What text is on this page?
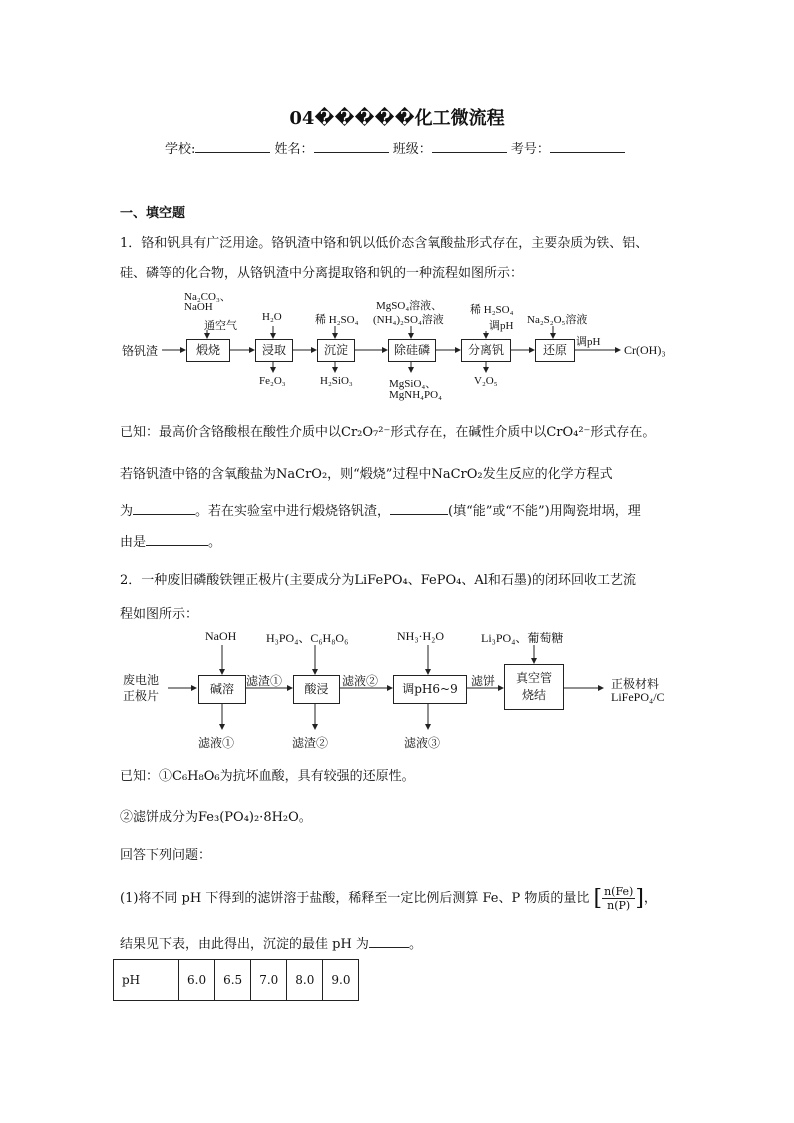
04�����化工微流程
学校:	姓名：	班级：	考号：
一、填空题
1．铬和钒具有广泛用途。铬钒渣中铬和钒以低价态含氧酸盐形式存在，主要杂质为铁、铝、
硅、磷等的化合物，从铬钒渣中分离提取铬和钒的一种流程如图所示：
铬钒渣	煅烧	浸取	沉淀	除硅磷	分离钒	还原	Cr(OH)₃
Na₂CO₃、
NaOH
通空气
H₂O	稀 H₂SO₄
MgSO₄溶液、
(NH₄)₂SO₄溶液
稀 H₂SO₄
调pH Na₂S₂O₅溶液
调pH
Fe₂O₃	H₂SiO₃	MgSiO₄、
MgNH₄PO₄
V₂O₅
已知：最高价含铬酸根在酸性介质中以Cr₂O₇²⁻形式存在，在碱性介质中以CrO₄²⁻形式存在。
若铬钒渣中铬的含氧酸盐为NaCrO₂，则“煅烧”过程中NaCrO₂发生反应的化学方程式
为	。若在实验室中进行煅烧铬钒渣，	(填“能”或“不能”)用陶瓷坩埚，理
由是	。
2．一种废旧磷酸铁锂正极片(主要成分为LiFePO₄、FePO₄、Al和石墨)的闭环回收工艺流
程如图所示：
废电池
正极片	碱溶	酸浸	调pH6~9
真空管
烧结
正极材料
LiFePO₄/C
NaOH H₃PO₄、C₆H₈O₆	NH₃·H₂O	Li₃PO₄、葡萄糖
滤渣①	滤液②	滤饼
滤液①	滤渣②	滤液③
已知：①C₆H₈O₆为抗坏血酸，具有较强的还原性。
②滤饼成分为Fe₃(PO₄)₂·8H₂O。
回答下列问题：
(1)将不同 pH 下得到的滤饼溶于盐酸，稀释至一定比例后测算 Fe、P 物质的量比 [ $\frac{n(Fe)}{n(P)}$ ]，
结果见下表，由此得出，沉淀的最佳 pH 为	。
pH	6.0	6.5	7.0	8.0	9.0
